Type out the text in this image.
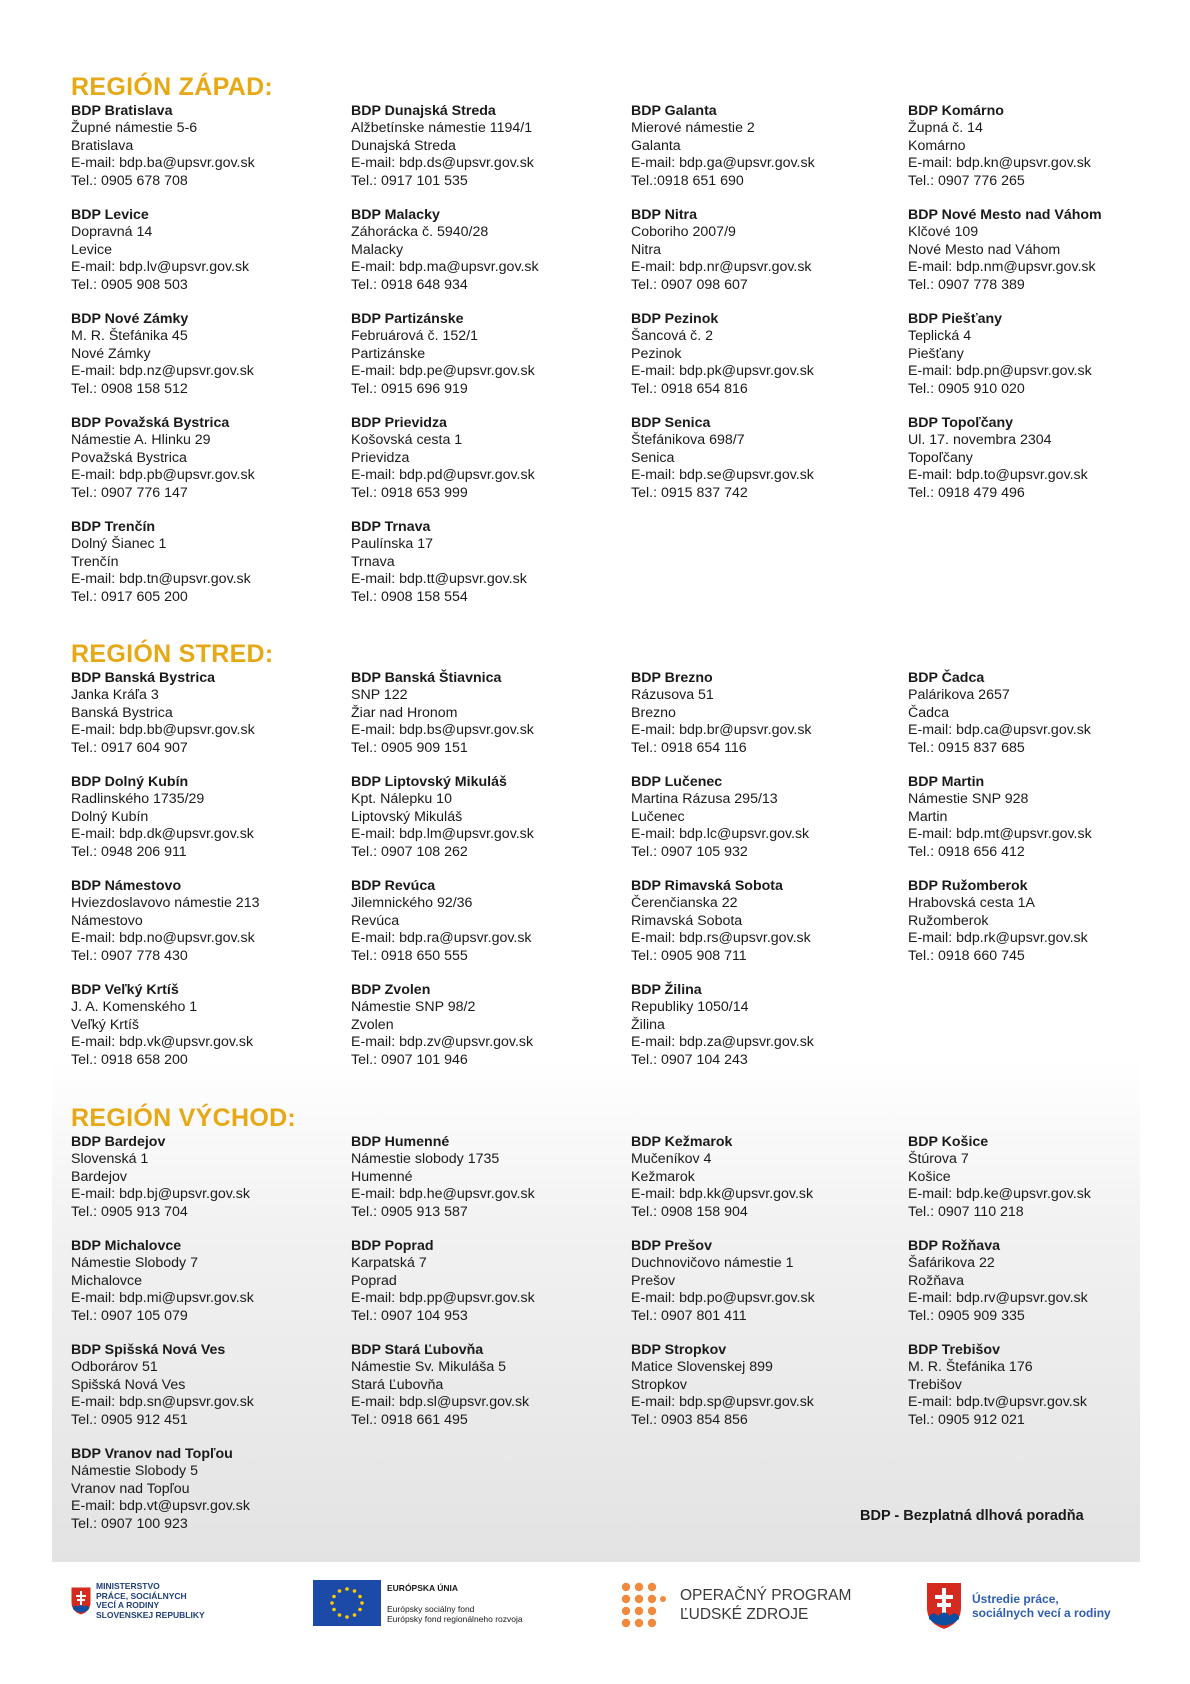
REGIÓN ZÁPAD:
BDP Bratislava
Župné námestie 5-6
Bratislava
E-mail: bdp.ba@upsvr.gov.sk
Tel.: 0905 678 708
BDP Dunajská Streda
Alžbetínske námestie 1194/1
Dunajská Streda
E-mail: bdp.ds@upsvr.gov.sk
Tel.: 0917 101 535
BDP Galanta
Mierové námestie 2
Galanta
E-mail: bdp.ga@upsvr.gov.sk
Tel.:0918 651 690
BDP Komárno
Župná č. 14
Komárno
E-mail: bdp.kn@upsvr.gov.sk
Tel.: 0907 776 265
BDP Levice
Dopravná 14
Levice
E-mail: bdp.lv@upsvr.gov.sk
Tel.: 0905 908 503
BDP Malacky
Záhorácka č. 5940/28
Malacky
E-mail: bdp.ma@upsvr.gov.sk
Tel.: 0918 648 934
BDP Nitra
Coboriho 2007/9
Nitra
E-mail: bdp.nr@upsvr.gov.sk
Tel.: 0907 098 607
BDP Nové Mesto nad Váhom
Klčové 109
Nové Mesto nad Váhom
E-mail: bdp.nm@upsvr.gov.sk
Tel.: 0907 778 389
BDP Nové Zámky
M. R. Štefánika 45
Nové Zámky
E-mail: bdp.nz@upsvr.gov.sk
Tel.: 0908 158 512
BDP Partizánske
Februárová č. 152/1
Partizánske
E-mail: bdp.pe@upsvr.gov.sk
Tel.: 0915 696 919
BDP Pezinok
Šancová č. 2
Pezinok
E-mail: bdp.pk@upsvr.gov.sk
Tel.: 0918 654 816
BDP Piešťany
Teplická 4
Piešťany
E-mail: bdp.pn@upsvr.gov.sk
Tel.: 0905 910 020
BDP Považská Bystrica
Námestie A. Hlinku 29
Považská Bystrica
E-mail: bdp.pb@upsvr.gov.sk
Tel.: 0907 776 147
BDP Prievidza
Košovská cesta 1
Prievidza
E-mail: bdp.pd@upsvr.gov.sk
Tel.: 0918 653 999
BDP Senica
Štefánikova 698/7
Senica
E-mail: bdp.se@upsvr.gov.sk
Tel.: 0915 837 742
BDP Topoľčany
Ul. 17. novembra 2304
Topoľčany
E-mail: bdp.to@upsvr.gov.sk
Tel.: 0918 479 496
BDP Trenčín
Dolný Šianec 1
Trenčín
E-mail: bdp.tn@upsvr.gov.sk
Tel.: 0917 605 200
BDP Trnava
Paulínska 17
Trnava
E-mail: bdp.tt@upsvr.gov.sk
Tel.: 0908 158 554
REGIÓN STRED:
BDP Banská Bystrica
Janka Kráľa 3
Banská Bystrica
E-mail: bdp.bb@upsvr.gov.sk
Tel.: 0917 604 907
BDP Banská Štiavnica
SNP 122
Žiar nad Hronom
E-mail: bdp.bs@upsvr.gov.sk
Tel.: 0905 909 151
BDP Brezno
Rázusova 51
Brezno
E-mail: bdp.br@upsvr.gov.sk
Tel.: 0918 654 116
BDP Čadca
Palárikova 2657
Čadca
E-mail: bdp.ca@upsvr.gov.sk
Tel.: 0915 837 685
BDP Dolný Kubín
Radlinského 1735/29
Dolný Kubín
E-mail: bdp.dk@upsvr.gov.sk
Tel.: 0948 206 911
BDP Liptovský Mikuláš
Kpt. Nálepku 10
Liptovský Mikuláš
E-mail: bdp.lm@upsvr.gov.sk
Tel.: 0907 108 262
BDP Lučenec
Martina Rázusa 295/13
Lučenec
E-mail: bdp.lc@upsvr.gov.sk
Tel.: 0907 105 932
BDP Martin
Námestie SNP 928
Martin
E-mail: bdp.mt@upsvr.gov.sk
Tel.: 0918 656 412
BDP Námestovo
Hviezdoslavovo námestie 213
Námestovo
E-mail: bdp.no@upsvr.gov.sk
Tel.: 0907 778 430
BDP Revúca
Jilemnického 92/36
Revúca
E-mail: bdp.ra@upsvr.gov.sk
Tel.: 0918 650 555
BDP Rimavská Sobota
Čerenčianska 22
Rimavská Sobota
E-mail: bdp.rs@upsvr.gov.sk
Tel.: 0905 908 711
BDP Ružomberok
Hrabovská cesta 1A
Ružomberok
E-mail: bdp.rk@upsvr.gov.sk
Tel.: 0918 660 745
BDP Veľký Krtíš
J. A. Komenského 1
Veľký Krtíš
E-mail: bdp.vk@upsvr.gov.sk
Tel.: 0918 658 200
BDP Zvolen
Námestie SNP 98/2
Zvolen
E-mail: bdp.zv@upsvr.gov.sk
Tel.: 0907 101 946
BDP Žilina
Republiky 1050/14
Žilina
E-mail: bdp.za@upsvr.gov.sk
Tel.: 0907 104 243
REGIÓN VÝCHOD:
BDP Bardejov
Slovenská 1
Bardejov
E-mail: bdp.bj@upsvr.gov.sk
Tel.: 0905 913 704
BDP Humenné
Námestie slobody 1735
Humenné
E-mail: bdp.he@upsvr.gov.sk
Tel.: 0905 913 587
BDP Kežmarok
Mučeníkov 4
Kežmarok
E-mail: bdp.kk@upsvr.gov.sk
Tel.: 0908 158 904
BDP Košice
Štúrova 7
Košice
E-mail: bdp.ke@upsvr.gov.sk
Tel.: 0907 110 218
BDP Michalovce
Námestie Slobody 7
Michalovce
E-mail: bdp.mi@upsvr.gov.sk
Tel.: 0907 105 079
BDP Poprad
Karpatská 7
Poprad
E-mail: bdp.pp@upsvr.gov.sk
Tel.: 0907 104 953
BDP Prešov
Duchnovičovo námestie 1
Prešov
E-mail: bdp.po@upsvr.gov.sk
Tel.: 0907 801 411
BDP Rožňava
Šafárikova 22
Rožňava
E-mail: bdp.rv@upsvr.gov.sk
Tel.: 0905 909 335
BDP Spišská Nová Ves
Odborárov 51
Spišská Nová Ves
E-mail: bdp.sn@upsvr.gov.sk
Tel.: 0905 912 451
BDP Stará Ľubovňa
Námestie Sv. Mikuláša 5
Stará Ľubovňa
E-mail: bdp.sl@upsvr.gov.sk
Tel.: 0918 661 495
BDP Stropkov
Matice Slovenskej 899
Stropkov
E-mail: bdp.sp@upsvr.gov.sk
Tel.: 0903 854 856
BDP Trebišov
M. R. Štefánika 176
Trebišov
E-mail: bdp.tv@upsvr.gov.sk
Tel.: 0905 912 021
BDP Vranov nad Topľou
Námestie Slobody 5
Vranov nad Topľou
E-mail: bdp.vt@upsvr.gov.sk
Tel.: 0907 100 923	BDP - Bezplatná dlhová poradňa
MINISTERSTVO
PRÁCE, SOCIÁLNYCH
VECÍ A RODINY
SLOVENSKEJ REPUBLIKY
EURÓPSKA ÚNIA
Európsky sociálny fond
Európsky fond regionálneho rozvoja
OPERAČNÝ PROGRAM
ĽUDSKÉ ZDROJE
Ústredie práce,
sociálnych vecí a rodiny
